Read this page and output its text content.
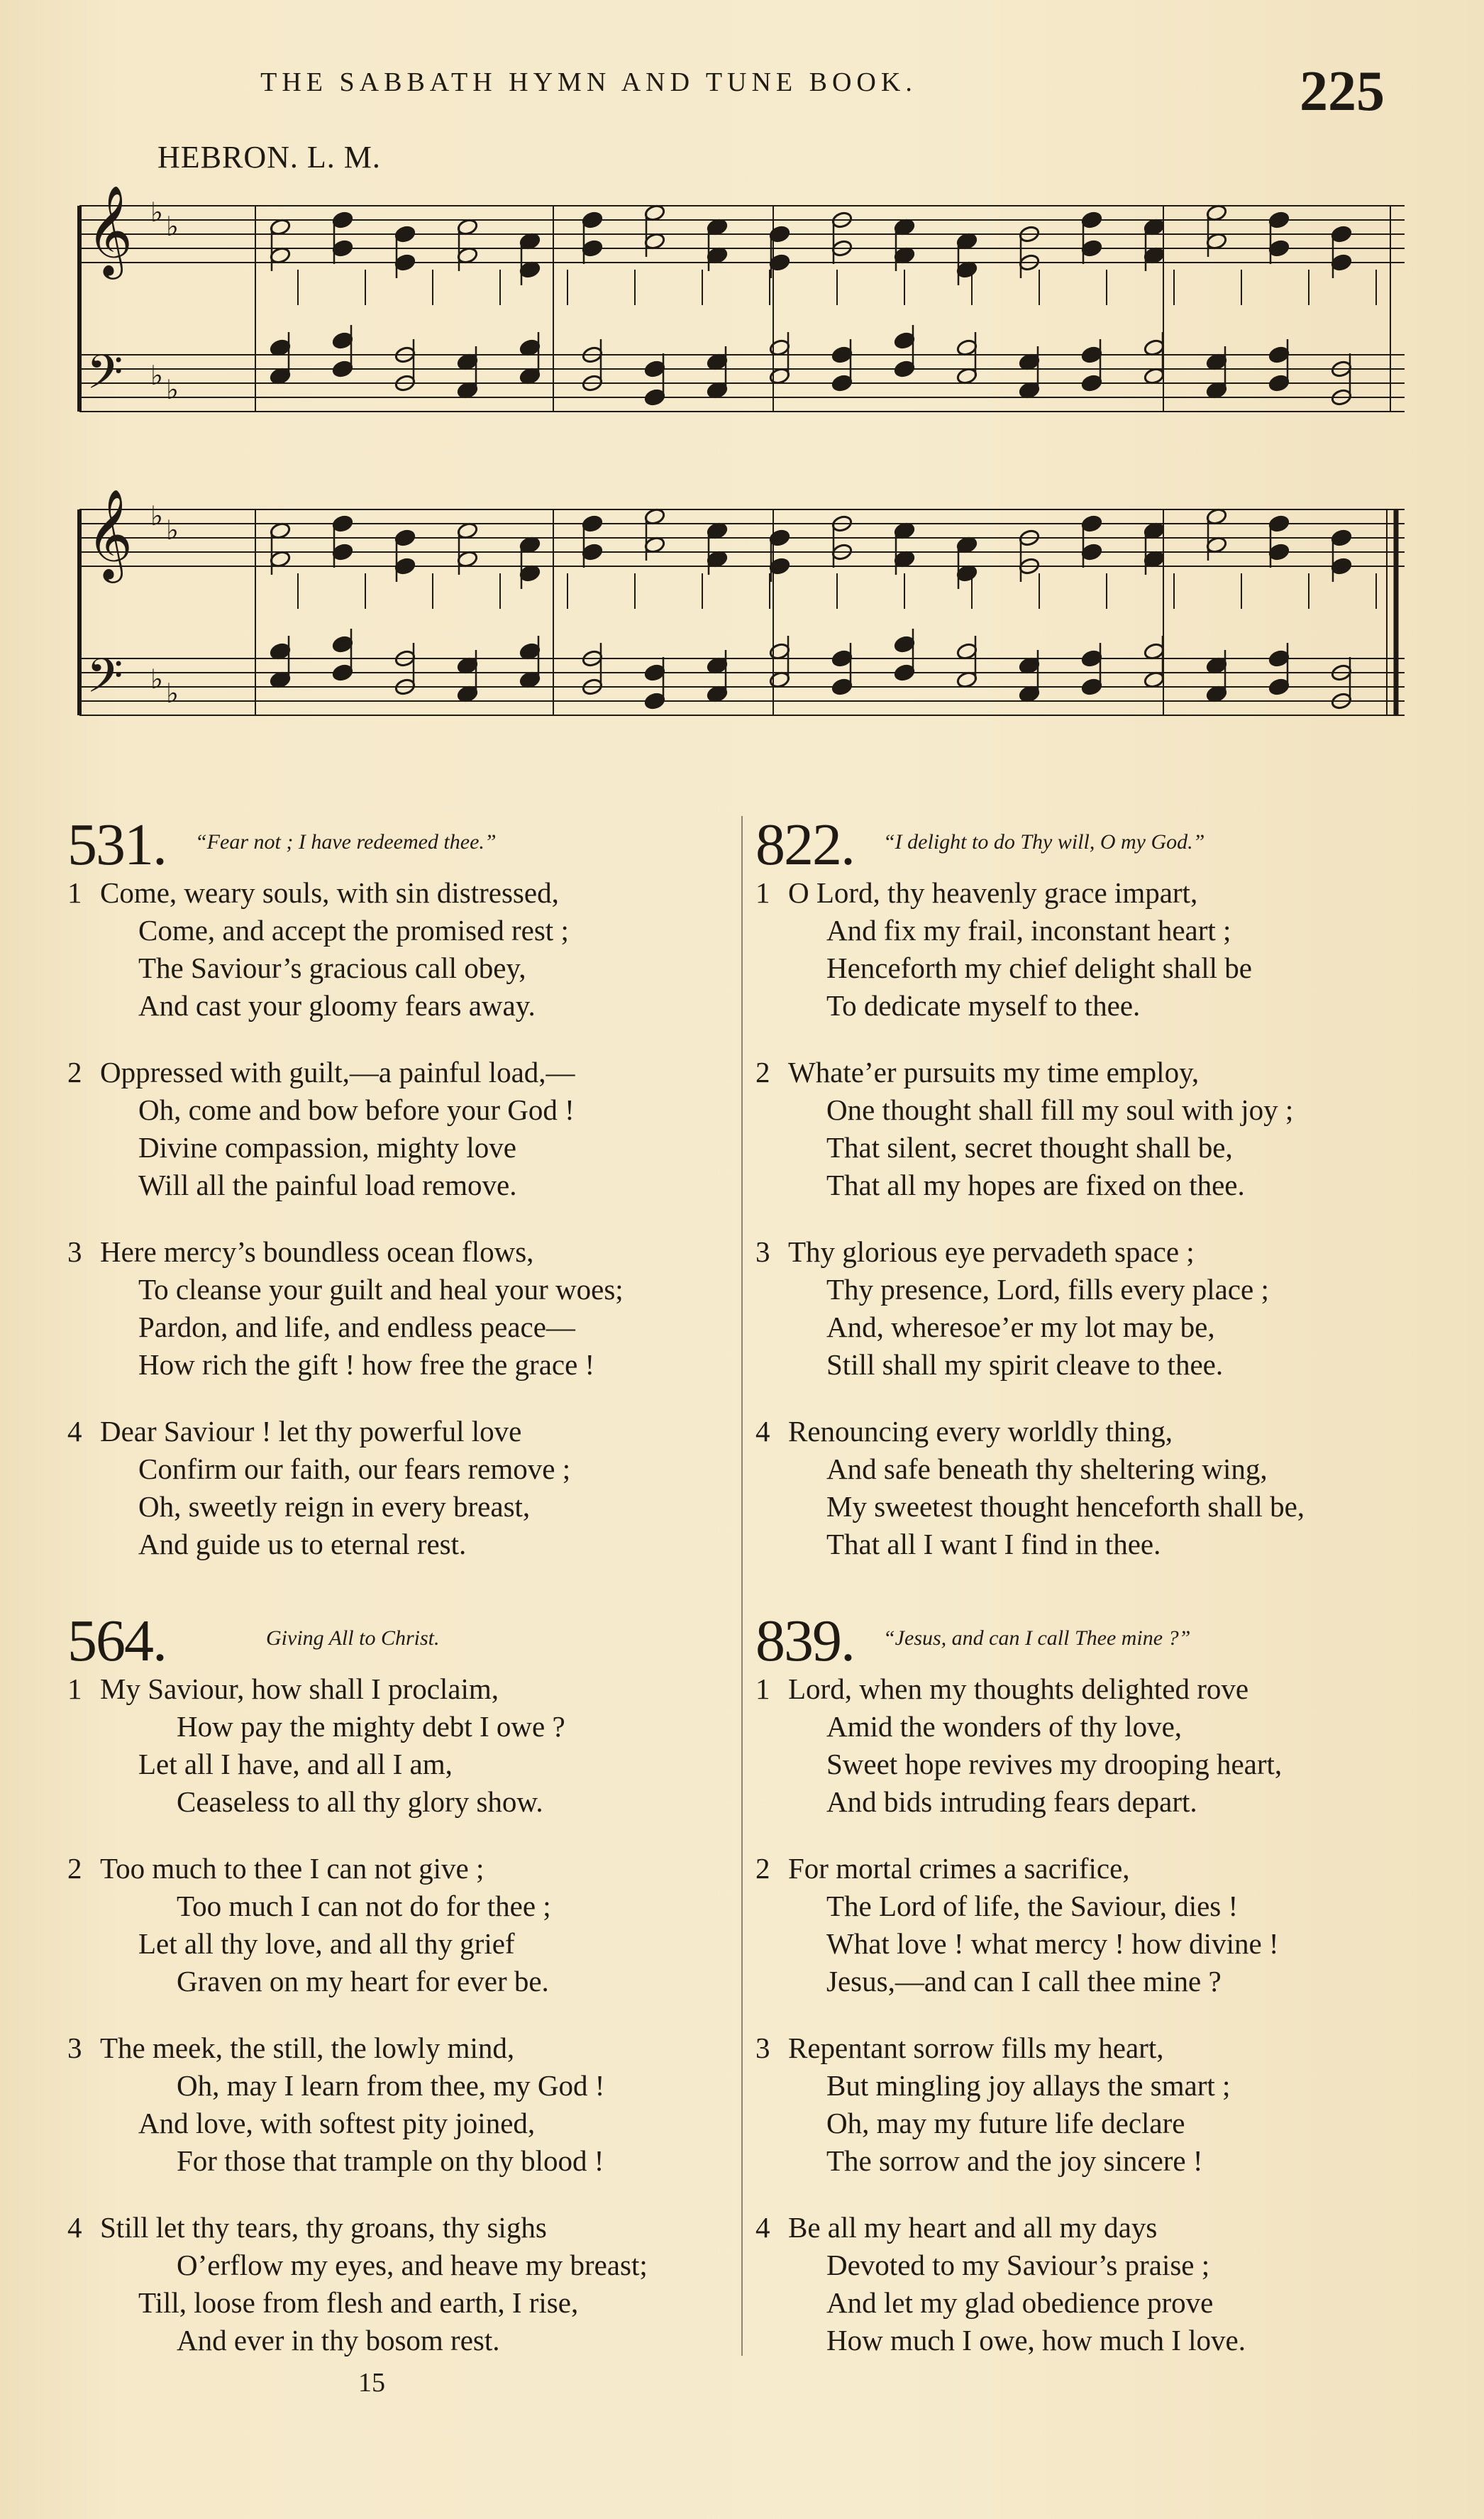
THE SABBATH HYMN AND TUNE BOOK.	225
HEBRON. L. M.
𝄞 ♭ ♭
𝄢 ♭ ♭
𝄞 ♭ ♭
𝄢 ♭ ♭
531. “Fear not ; I have redeemed thee.”
1 Come, weary souls, with sin distressed,
Come, and accept the promised rest ;
The Saviour’s gracious call obey,
And cast your gloomy fears away.
2 Oppressed with guilt,—a painful load,—
Oh, come and bow before your God !
Divine compassion, mighty love
Will all the painful load remove.
3 Here mercy’s boundless ocean flows,
To cleanse your guilt and heal your woes;
Pardon, and life, and endless peace—
How rich the gift ! how free the grace !
4 Dear Saviour ! let thy powerful love
Confirm our faith, our fears remove ;
Oh, sweetly reign in every breast,
And guide us to eternal rest.
564.	Giving All to Christ.
1 My Saviour, how shall I proclaim,
How pay the mighty debt I owe ?
Let all I have, and all I am,
Ceaseless to all thy glory show.
2 Too much to thee I can not give ;
Too much I can not do for thee ;
Let all thy love, and all thy grief
Graven on my heart for ever be.
3 The meek, the still, the lowly mind,
Oh, may I learn from thee, my God !
And love, with softest pity joined,
For those that trample on thy blood !
4 Still let thy tears, thy groans, thy sighs
O’erflow my eyes, and heave my breast;
Till, loose from flesh and earth, I rise,
And ever in thy bosom rest.
822. “I delight to do Thy will, O my God.”
1 O Lord, thy heavenly grace impart,
And fix my frail, inconstant heart ;
Henceforth my chief delight shall be
To dedicate myself to thee.
2 Whate’er pursuits my time employ,
One thought shall fill my soul with joy ;
That silent, secret thought shall be,
That all my hopes are fixed on thee.
3 Thy glorious eye pervadeth space ;
Thy presence, Lord, fills every place ;
And, wheresoe’er my lot may be,
Still shall my spirit cleave to thee.
4 Renouncing every worldly thing,
And safe beneath thy sheltering wing,
My sweetest thought henceforth shall be,
That all I want I find in thee.
839. “Jesus, and can I call Thee mine ?”
1 Lord, when my thoughts delighted rove
Amid the wonders of thy love,
Sweet hope revives my drooping heart,
And bids intruding fears depart.
2 For mortal crimes a sacrifice,
The Lord of life, the Saviour, dies !
What love ! what mercy ! how divine !
Jesus,—and can I call thee mine ?
3 Repentant sorrow fills my heart,
But mingling joy allays the smart ;
Oh, may my future life declare
The sorrow and the joy sincere !
4 Be all my heart and all my days
Devoted to my Saviour’s praise ;
And let my glad obedience prove
How much I owe, how much I love.
15
